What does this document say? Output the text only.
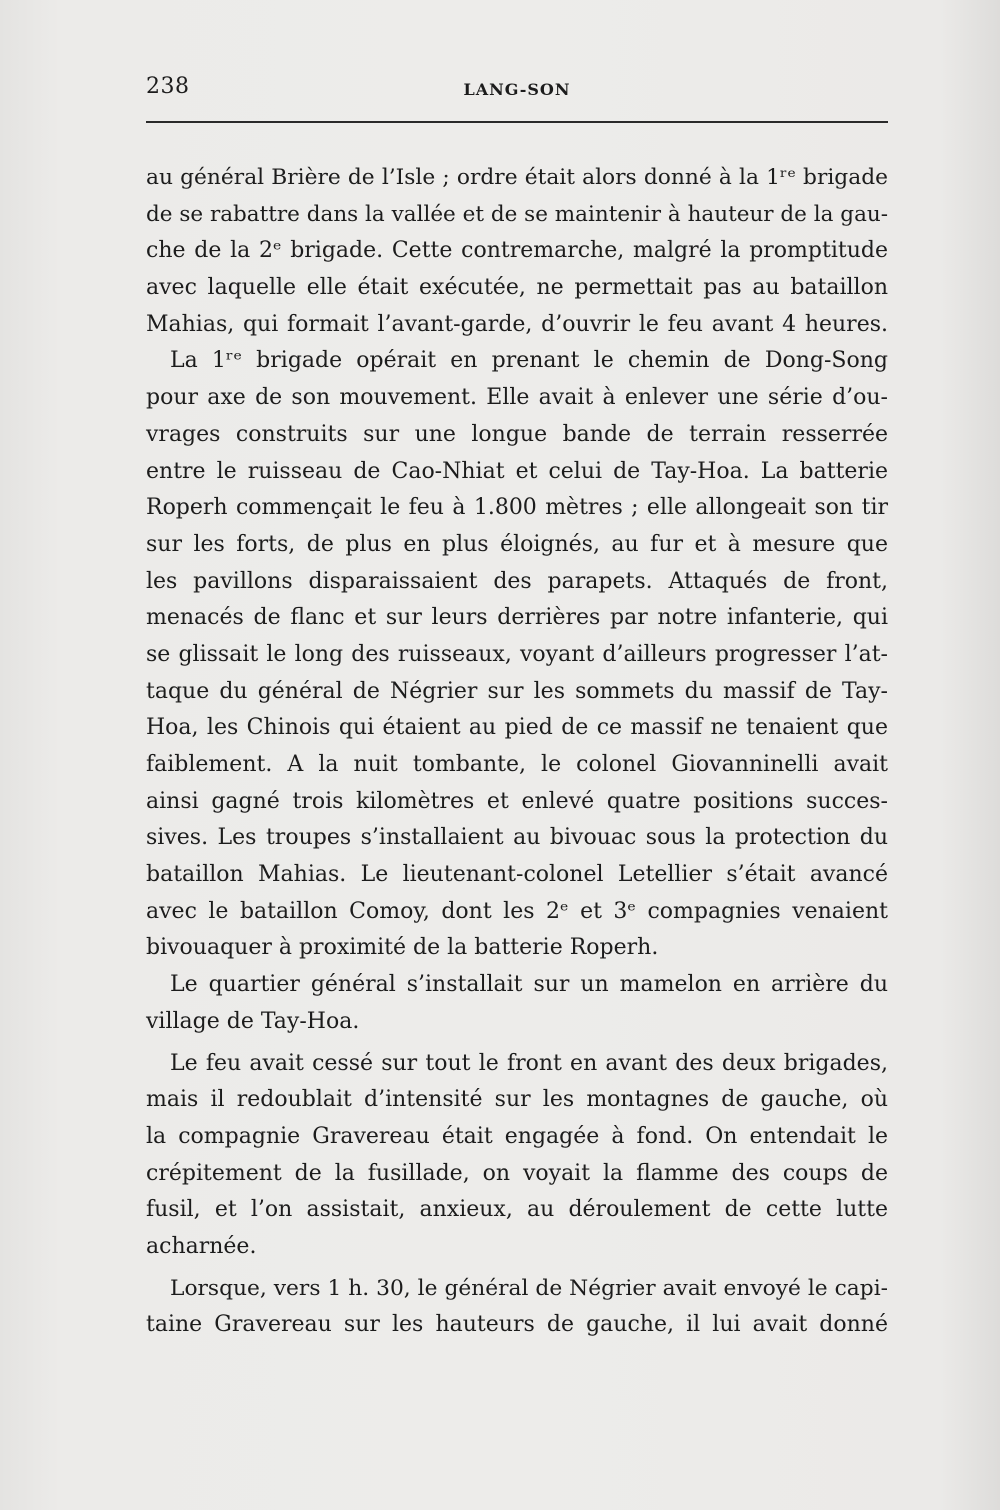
238	LANG-SON
au général Brière de l’Isle ; ordre était alors donné à la 1ʳᵉ brigade
de se rabattre dans la vallée et de se maintenir à hauteur de la gau-
che de la 2ᵉ brigade. Cette contremarche, malgré la promptitude
avec laquelle elle était exécutée, ne permettait pas au bataillon
Mahias, qui formait l’avant-garde, d’ouvrir le feu avant 4 heures.
La 1ʳᵉ brigade opérait en prenant le chemin de Dong-Song
pour axe de son mouvement. Elle avait à enlever une série d’ou-
vrages construits sur une longue bande de terrain resserrée
entre le ruisseau de Cao-Nhiat et celui de Tay-Hoa. La batterie
Roperh commençait le feu à 1.800 mètres ; elle allongeait son tir
sur les forts, de plus en plus éloignés, au fur et à mesure que
les pavillons disparaissaient des parapets. Attaqués de front,
menacés de flanc et sur leurs derrières par notre infanterie, qui
se glissait le long des ruisseaux, voyant d’ailleurs progresser l’at-
taque du général de Négrier sur les sommets du massif de Tay-
Hoa, les Chinois qui étaient au pied de ce massif ne tenaient que
faiblement. A la nuit tombante, le colonel Giovanninelli avait
ainsi gagné trois kilomètres et enlevé quatre positions succes-
sives. Les troupes s’installaient au bivouac sous la protection du
bataillon Mahias. Le lieutenant-colonel Letellier s’était avancé
avec le bataillon Comoy, dont les 2ᵉ et 3ᵉ compagnies venaient
bivouaquer à proximité de la batterie Roperh.
Le quartier général s’installait sur un mamelon en arrière du
village de Tay-Hoa.
Le feu avait cessé sur tout le front en avant des deux brigades,
mais il redoublait d’intensité sur les montagnes de gauche, où
la compagnie Gravereau était engagée à fond. On entendait le
crépitement de la fusillade, on voyait la flamme des coups de
fusil, et l’on assistait, anxieux, au déroulement de cette lutte
acharnée.
Lorsque, vers 1 h. 30, le général de Négrier avait envoyé le capi-
taine Gravereau sur les hauteurs de gauche, il lui avait donné
